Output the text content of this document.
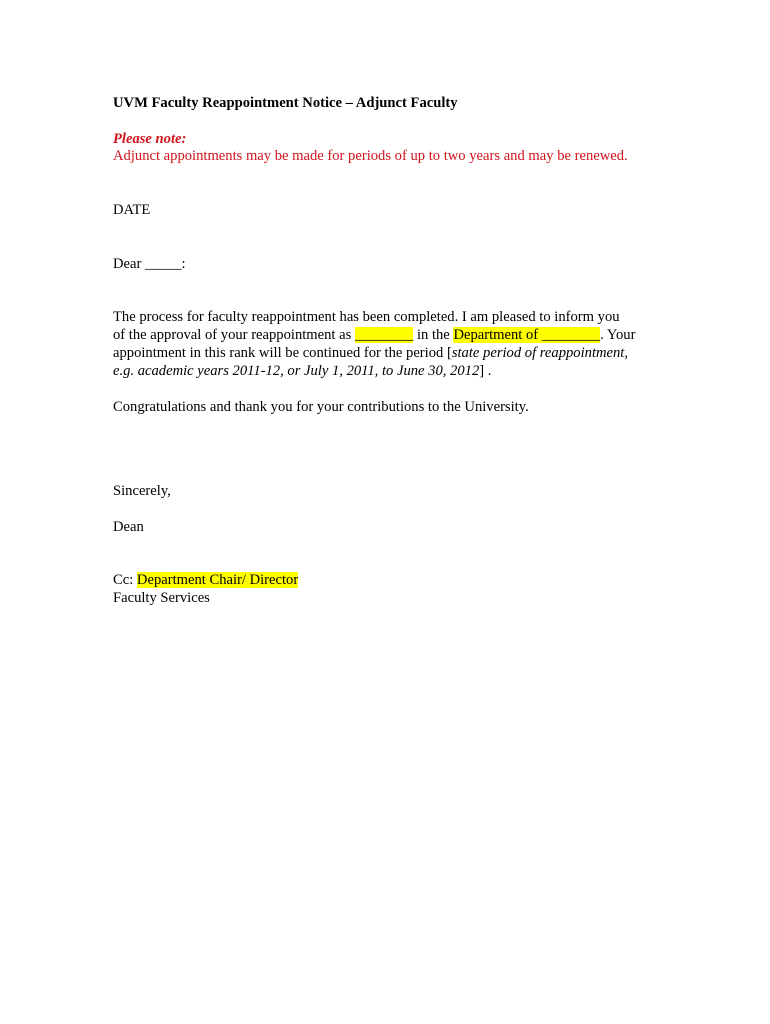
UVM Faculty Reappointment Notice – Adjunct Faculty

Please note:

Adjunct appointments may be made for periods of up to two years and may be renewed.

DATE

Dear _____:

The process for faculty reappointment has been completed. I am pleased to inform you

of the approval of your reappointment as ________ in the Department of ________. Your

appointment in this rank will be continued for the period [state period of reappointment,

e.g. academic years 2011-12, or July 1, 2011, to June 30, 2012] .

Congratulations and thank you for your contributions to the University.

Sincerely,

Dean

Cc: Department Chair/ Director

Faculty Services
